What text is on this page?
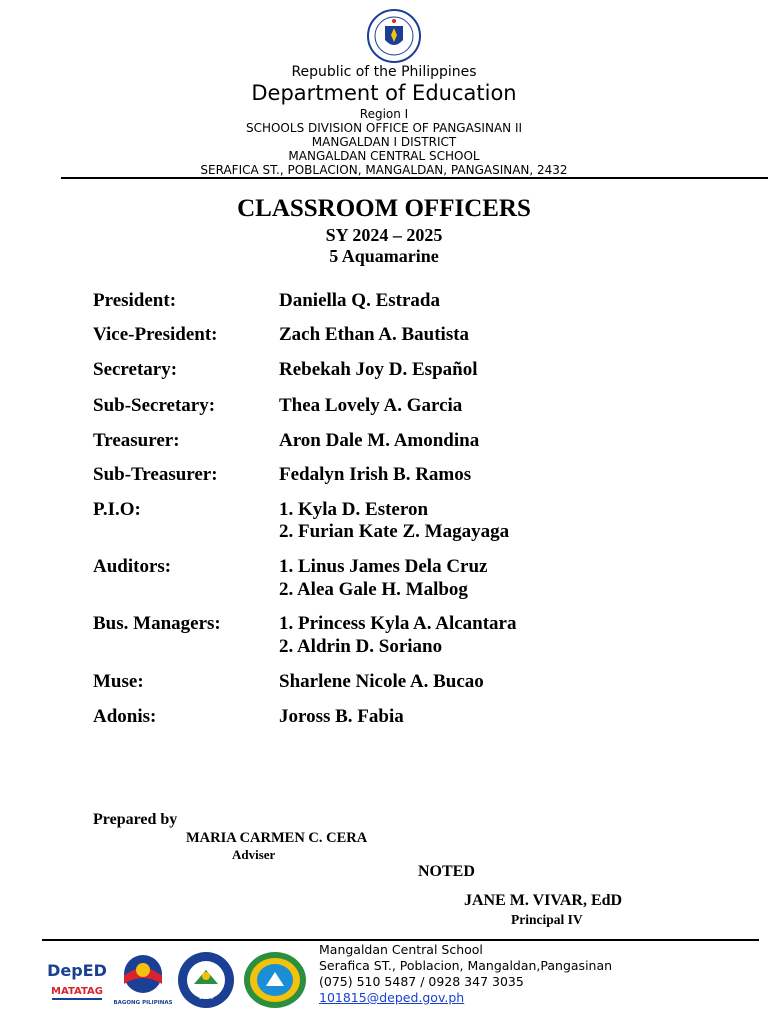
Republic of the Philippines
Department of Education
Region I
SCHOOLS DIVISION OFFICE OF PANGASINAN II
MANGALDAN I DISTRICT
MANGALDAN CENTRAL SCHOOL
SERAFICA ST., POBLACION, MANGALDAN, PANGASINAN, 2432
CLASSROOM OFFICERS
SY 2024 – 2025
5 Aquamarine
President:	Daniella Q. Estrada
Vice-President:	Zach Ethan A. Bautista
Secretary:	Rebekah Joy D. Español
Sub-Secretary:	Thea Lovely A. Garcia
Treasurer:	Aron Dale M. Amondina
Sub-Treasurer:	Fedalyn Irish B. Ramos
P.I.O:	1. Kyla D. Esteron
2. Furian Kate Z. Magayaga
Auditors:	1. Linus James Dela Cruz
2. Alea Gale H. Malbog
Bus. Managers:	1. Princess Kyla A. Alcantara
2. Aldrin D. Soriano
Muse:	Sharlene Nicole A. Bucao
Adonis:	Joross B. Fabia
Prepared by
MARIA CARMEN C. CERA
Adviser
NOTED
JANE M. VIVAR, EdD
Principal IV
DepED
MATATAG
BAGONG PILIPINAS
1990
Mangaldan Central School
Serafica ST., Poblacion, Mangaldan,Pangasinan
(075) 510 5487 / 0928 347 3035
101815@deped.gov.ph
